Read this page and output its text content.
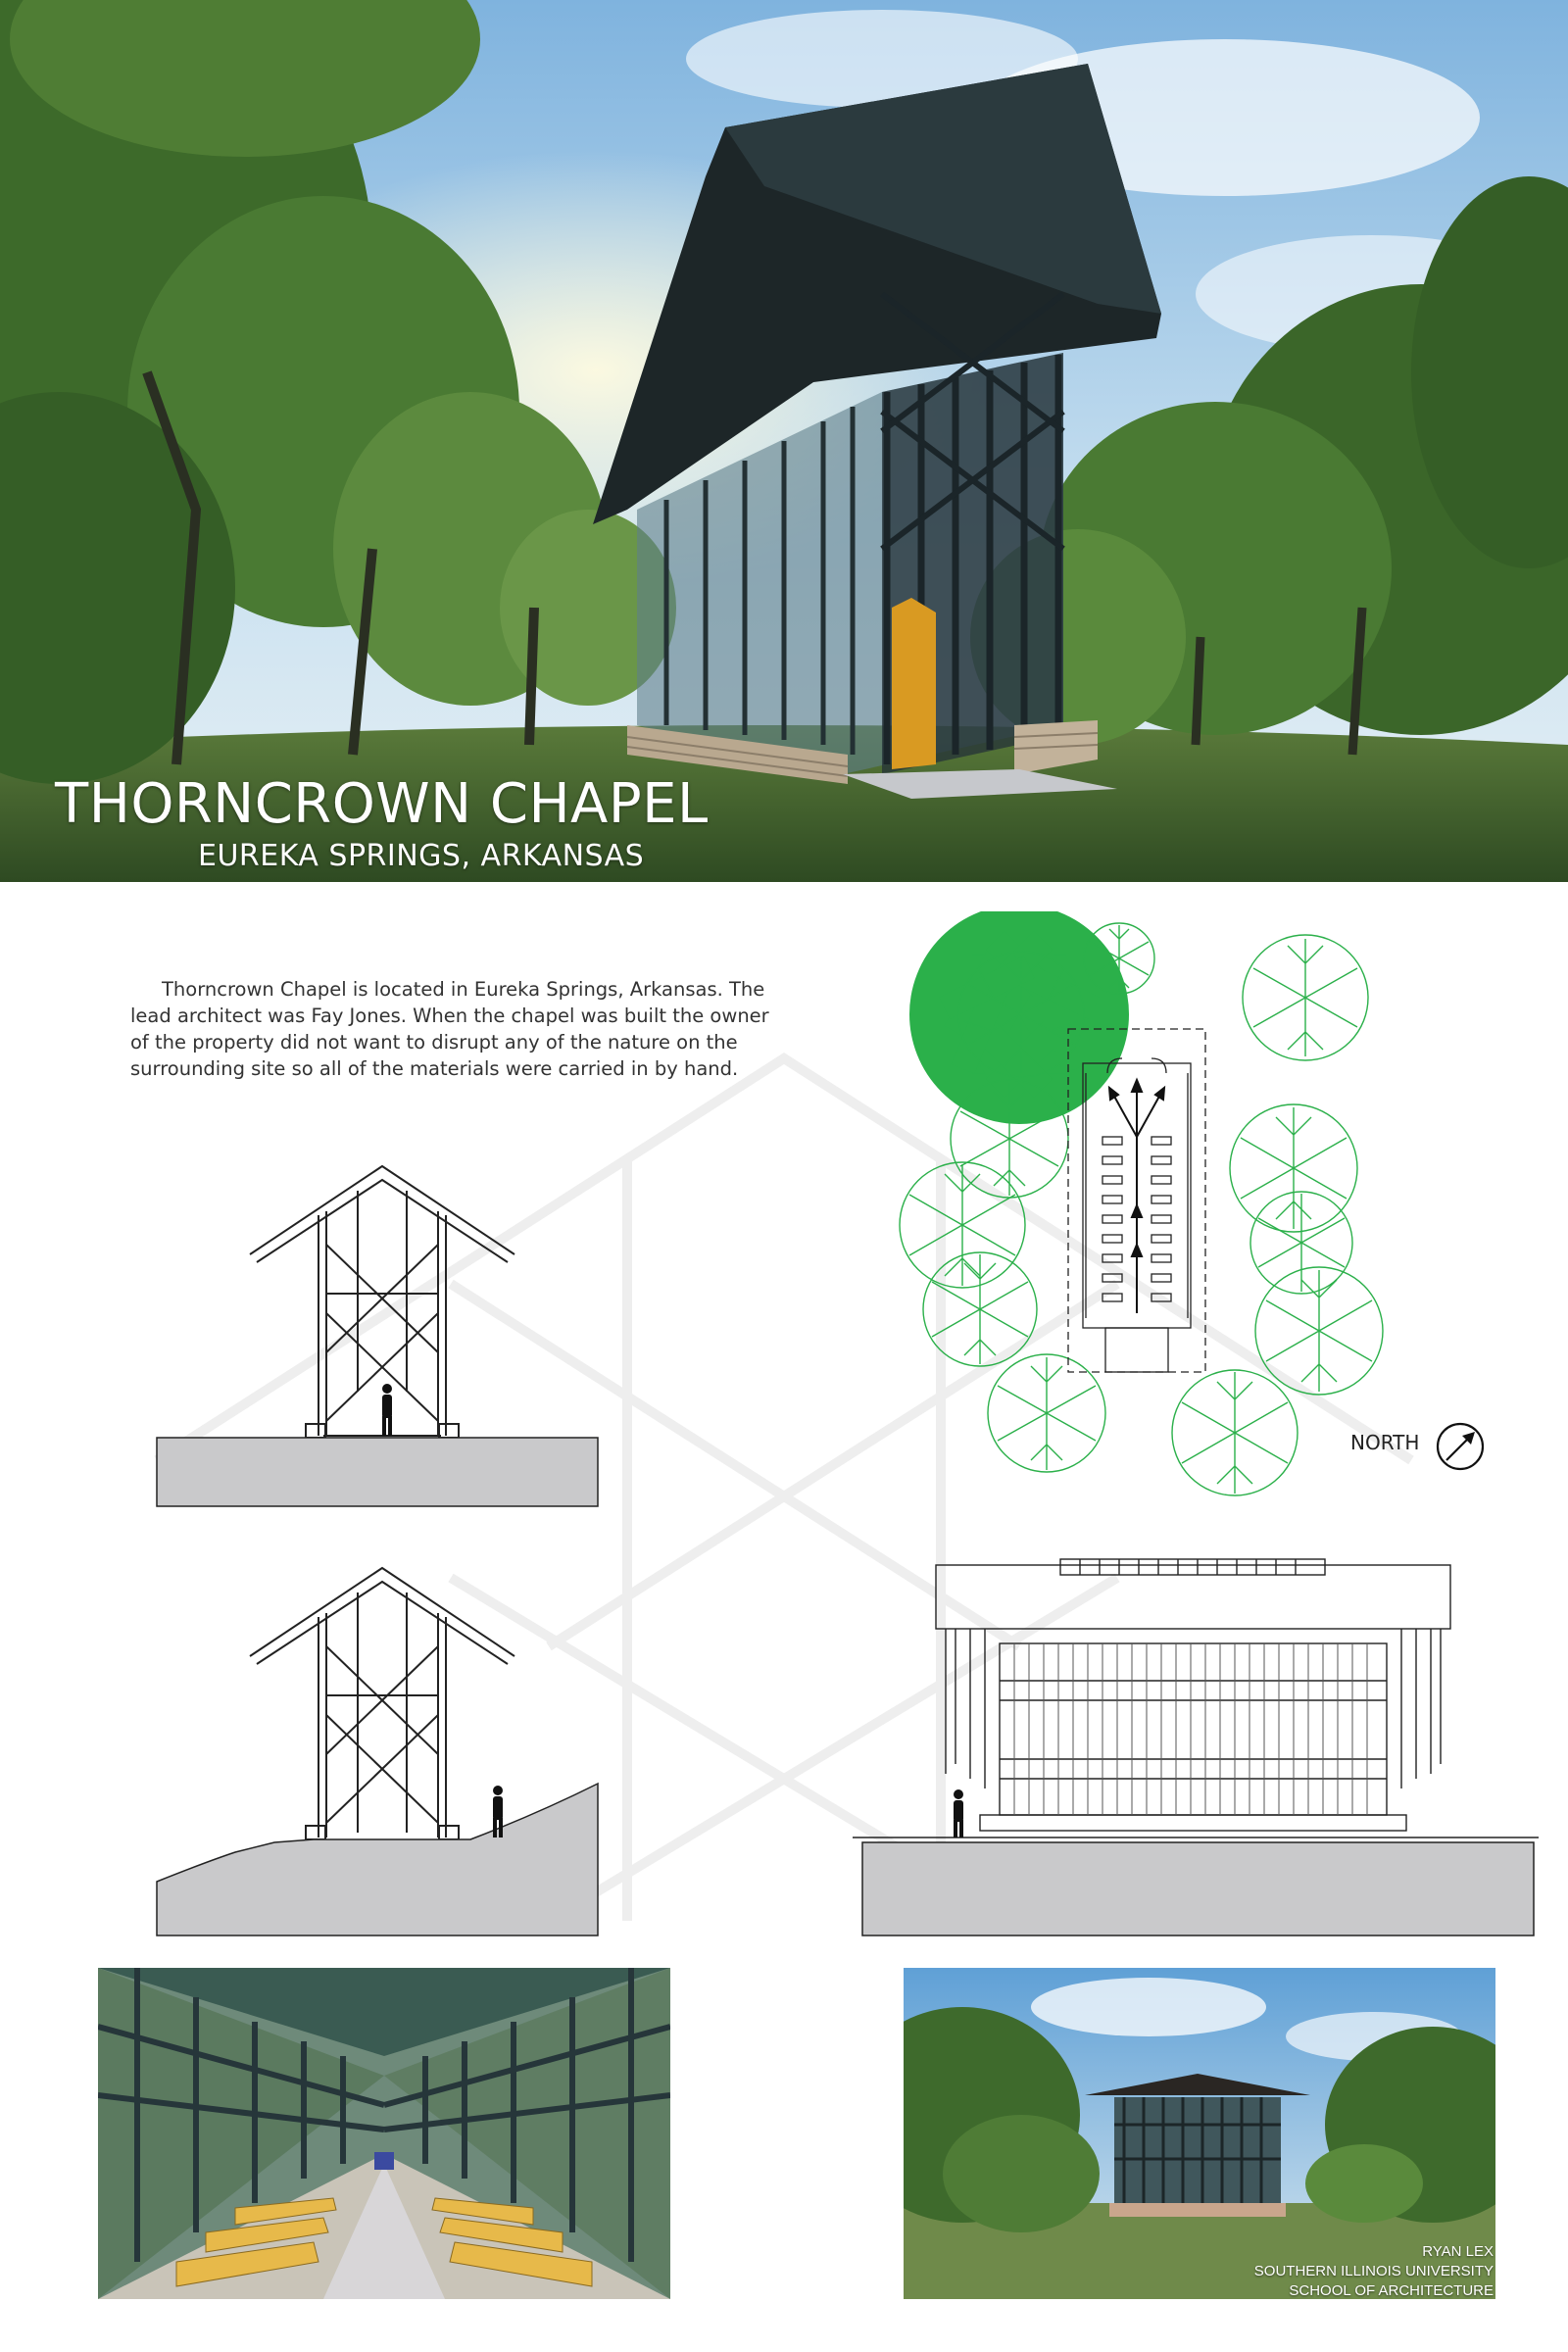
THORNCROWN CHAPEL
EUREKA SPRINGS, ARKANSAS

Thorncrown Chapel is located in Eureka Springs, Arkansas. The lead architect was Fay Jones. When the chapel was built the owner of the property did not want to disrupt any of the nature on the surrounding site so all of the materials were carried in by hand.

NORTH
RYAN LEX
SOUTHERN ILLINOIS UNIVERSITY
SCHOOL OF ARCHITECTURE
